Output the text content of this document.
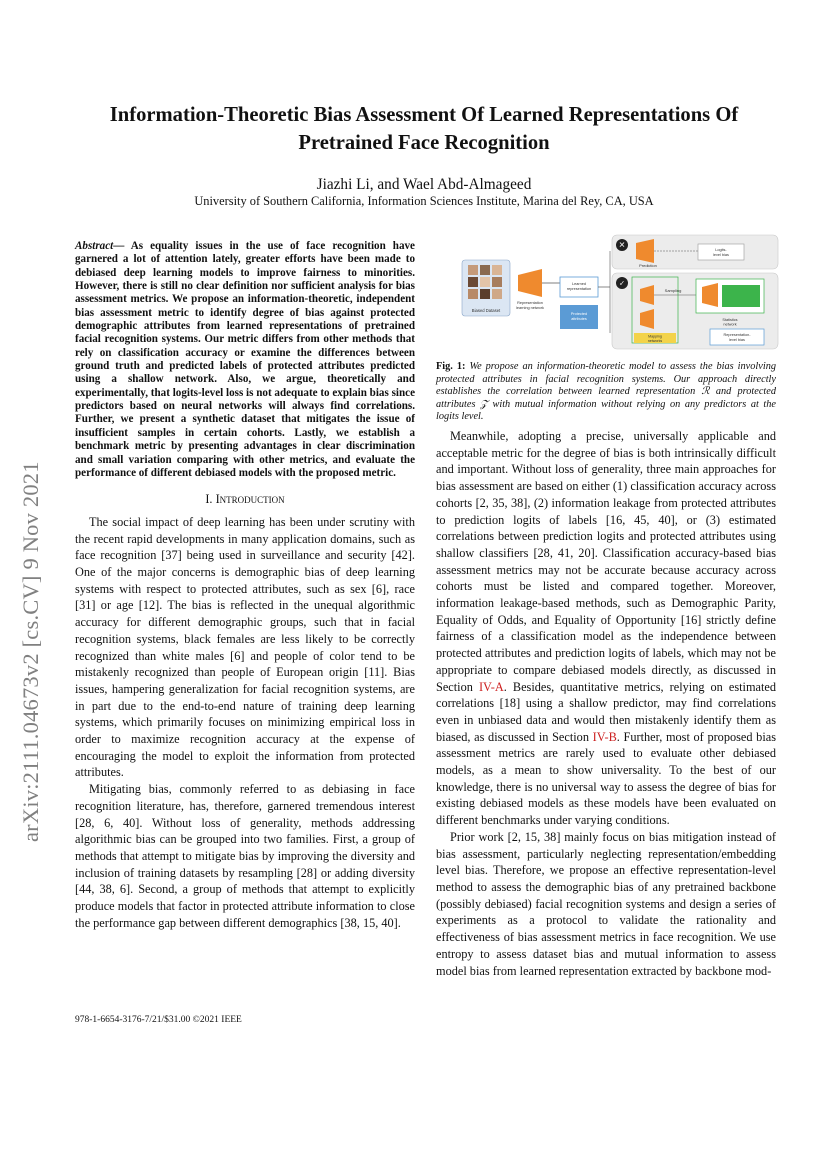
arXiv:2111.04673v2 [cs.CV] 9 Nov 2021
Information-Theoretic Bias Assessment Of Learned Representations Of
Pretrained Face Recognition
Jiazhi Li, and Wael Abd-Almageed
University of Southern California, Information Sciences Institute, Marina del Rey, CA, USA

Abstract— As equality issues in the use of face recognition have garnered a lot of attention lately, greater efforts have been made to debiased deep learning models to improve fairness to minorities. However, there is still no clear definition nor sufficient analysis for bias assessment metrics. We propose an information-theoretic, independent bias assessment metric to identify degree of bias against protected demographic attributes from learned representations of pretrained facial recognition systems. Our metric differs from other methods that rely on classification accuracy or examine the differences between ground truth and predicted labels of protected attributes predicted using a shallow network. Also, we argue, theoretically and experimentally, that logits-level loss is not adequate to explain bias since predictors based on neural networks will always find correlations. Further, we present a synthetic dataset that mitigates the issue of insufficient samples in certain cohorts. Lastly, we establish a benchmark metric by presenting advantages in clear discrimination and small variation comparing with other metrics, and evaluate the performance of different debiased models with the proposed metric.

I. Introduction

The social impact of deep learning has been under scrutiny with the recent rapid developments in many application domains, such as face recognition [37] being used in surveillance and security [42]. One of the major concerns is demographic bias of deep learning systems with respect to protected attributes, such as sex [6], race [31] or age [12]. The bias is reflected in the unequal algorithmic accuracy for different demographic groups, such that in facial recognition systems, black females are less likely to be correctly recognized than white males [6] and people of color tend to be mistakenly recognized than people of European origin [11]. Bias issues, hampering generalization for facial recognition systems, are in part due to the end-to-end nature of training deep learning systems, which primarily focuses on minimizing empirical loss in order to maximize recognition accuracy at the expense of encouraging the model to exploit the information from protected attributes.

Mitigating bias, commonly referred to as debiasing in face recognition literature, has, therefore, garnered tremendous interest [28, 6, 40]. Without loss of generality, methods addressing algorithmic bias can be grouped into two families. First, a group of methods that attempt to mitigate bias by improving the diversity and inclusion of training datasets by resampling [28] or adding diversity [44, 38, 6]. Second, a group of methods that attempt to explicitly produce models that factor in protected attribute information to close the performance gap between different demographics [38, 15, 40].

978-1-6654-3176-7/21/$31.00 ©2021 IEEE
Biased Dataset
Representation
learning network
Learned
representation
Protected
attributes
✕
Prediction
Logits-
level bias
✓
Mapping
networks
Sampling
Statistics
network
Representation-
level bias
Fig. 1: We propose an information-theoretic model to assess the bias involving protected attributes in facial recognition systems. Our approach directly establishes the correlation between learned representation ℛ and protected attributes 𝒵 with mutual information without relying on any predictors at the logits level.

Meanwhile, adopting a precise, universally applicable and acceptable metric for the degree of bias is both intrinsically difficult and important. Without loss of generality, three main approaches for bias assessment are based on either (1) classification accuracy across cohorts [2, 35, 38], (2) information leakage from protected attributes to prediction logits of labels [16, 45, 40], or (3) estimated correlations between prediction logits and protected attributes using shallow classifiers [28, 41, 20]. Classification accuracy-based bias assessment metrics may not be accurate because accuracy across cohorts must be listed and compared together. Moreover, information leakage-based methods, such as Demographic Parity, Equality of Odds, and Equality of Opportunity [16] strictly define fairness of a classification model as the independence between protected attributes and prediction logits of labels, which may not be appropriate to compare debiased models directly, as discussed in Section IV-A. Besides, quantitative metrics, relying on estimated correlations [18] using a shallow predictor, may find correlations even in unbiased data and would then mistakenly identify them as biased, as discussed in Section IV-B. Further, most of proposed bias assessment metrics are rarely used to evaluate other debiased models, as a mean to show universality. To the best of our knowledge, there is no universal way to assess the degree of bias for existing debiased models as these models have been evaluated on different benchmarks under varying conditions.

Prior work [2, 15, 38] mainly focus on bias mitigation instead of bias assessment, particularly neglecting representation/embedding level bias. Therefore, we propose an effective representation-level method to assess the demographic bias of any pretrained backbone (possibly debiased) facial recognition systems and design a series of experiments as a protocol to validate the rationality and effectiveness of bias assessment metrics in face recognition. We use entropy to assess dataset bias and mutual information to assess model bias from learned representation extracted by backbone mod-
